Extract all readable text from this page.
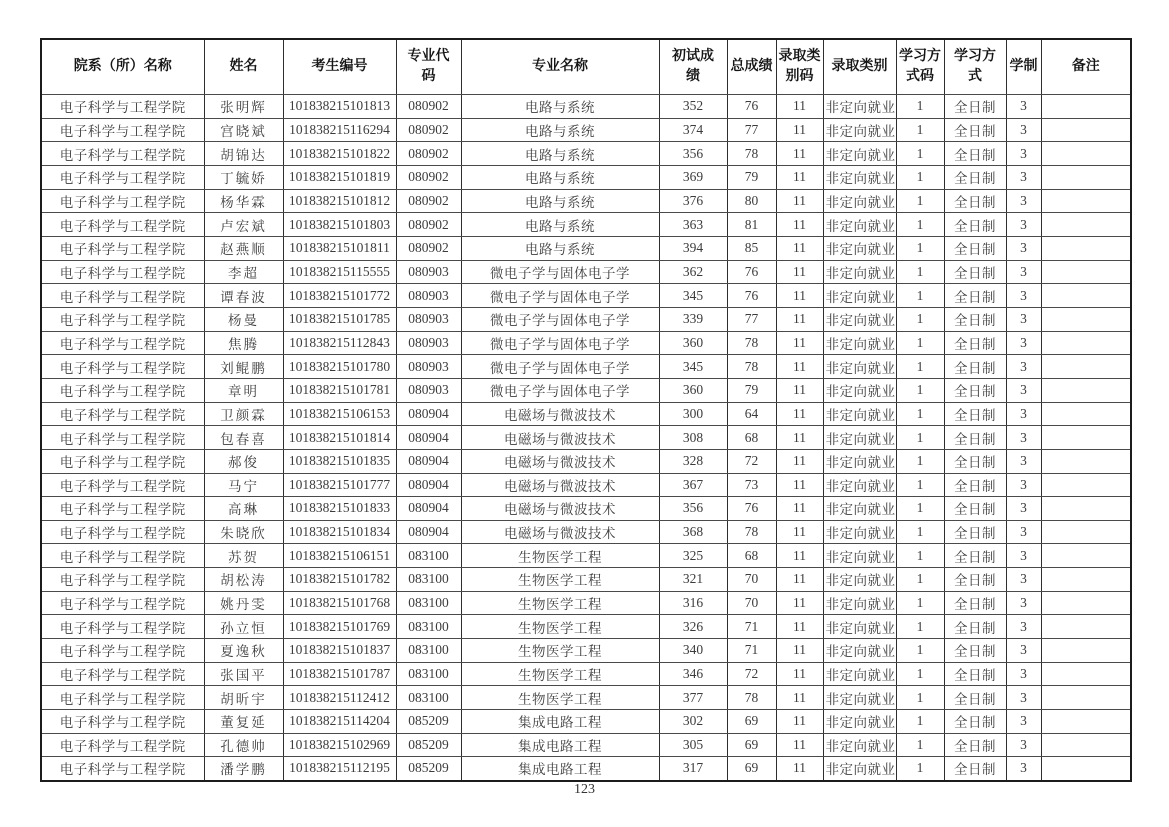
院系（所）名称	姓名	考生编号	专业代码	专业名称	初试成绩	总成绩	录取类别码	录取类别	学习方式码	学习方式	学制	备注
电子科学与工程学院	张明辉	101838215101813	080902	电路与系统	352	76	11	非定向就业	1	全日制	3	
电子科学与工程学院	宫晓斌	101838215116294	080902	电路与系统	374	77	11	非定向就业	1	全日制	3	
电子科学与工程学院	胡锦达	101838215101822	080902	电路与系统	356	78	11	非定向就业	1	全日制	3	
电子科学与工程学院	丁毓娇	101838215101819	080902	电路与系统	369	79	11	非定向就业	1	全日制	3	
电子科学与工程学院	杨华霖	101838215101812	080902	电路与系统	376	80	11	非定向就业	1	全日制	3	
电子科学与工程学院	卢宏斌	101838215101803	080902	电路与系统	363	81	11	非定向就业	1	全日制	3	
电子科学与工程学院	赵燕顺	101838215101811	080902	电路与系统	394	85	11	非定向就业	1	全日制	3	
电子科学与工程学院	李超	101838215115555	080903	微电子学与固体电子学	362	76	11	非定向就业	1	全日制	3	
电子科学与工程学院	谭春波	101838215101772	080903	微电子学与固体电子学	345	76	11	非定向就业	1	全日制	3	
电子科学与工程学院	杨曼	101838215101785	080903	微电子学与固体电子学	339	77	11	非定向就业	1	全日制	3	
电子科学与工程学院	焦腾	101838215112843	080903	微电子学与固体电子学	360	78	11	非定向就业	1	全日制	3	
电子科学与工程学院	刘鲲鹏	101838215101780	080903	微电子学与固体电子学	345	78	11	非定向就业	1	全日制	3	
电子科学与工程学院	章明	101838215101781	080903	微电子学与固体电子学	360	79	11	非定向就业	1	全日制	3	
电子科学与工程学院	卫颜霖	101838215106153	080904	电磁场与微波技术	300	64	11	非定向就业	1	全日制	3	
电子科学与工程学院	包春喜	101838215101814	080904	电磁场与微波技术	308	68	11	非定向就业	1	全日制	3	
电子科学与工程学院	郝俊	101838215101835	080904	电磁场与微波技术	328	72	11	非定向就业	1	全日制	3	
电子科学与工程学院	马宁	101838215101777	080904	电磁场与微波技术	367	73	11	非定向就业	1	全日制	3	
电子科学与工程学院	高琳	101838215101833	080904	电磁场与微波技术	356	76	11	非定向就业	1	全日制	3	
电子科学与工程学院	朱晓欣	101838215101834	080904	电磁场与微波技术	368	78	11	非定向就业	1	全日制	3	
电子科学与工程学院	苏贺	101838215106151	083100	生物医学工程	325	68	11	非定向就业	1	全日制	3	
电子科学与工程学院	胡松涛	101838215101782	083100	生物医学工程	321	70	11	非定向就业	1	全日制	3	
电子科学与工程学院	姚丹雯	101838215101768	083100	生物医学工程	316	70	11	非定向就业	1	全日制	3	
电子科学与工程学院	孙立恒	101838215101769	083100	生物医学工程	326	71	11	非定向就业	1	全日制	3	
电子科学与工程学院	夏逸秋	101838215101837	083100	生物医学工程	340	71	11	非定向就业	1	全日制	3	
电子科学与工程学院	张国平	101838215101787	083100	生物医学工程	346	72	11	非定向就业	1	全日制	3	
电子科学与工程学院	胡昕宇	101838215112412	083100	生物医学工程	377	78	11	非定向就业	1	全日制	3	
电子科学与工程学院	董复延	101838215114204	085209	集成电路工程	302	69	11	非定向就业	1	全日制	3	
电子科学与工程学院	孔德帅	101838215102969	085209	集成电路工程	305	69	11	非定向就业	1	全日制	3	
电子科学与工程学院	潘学鹏	101838215112195	085209	集成电路工程	317	69	11	非定向就业	1	全日制	3	
123
